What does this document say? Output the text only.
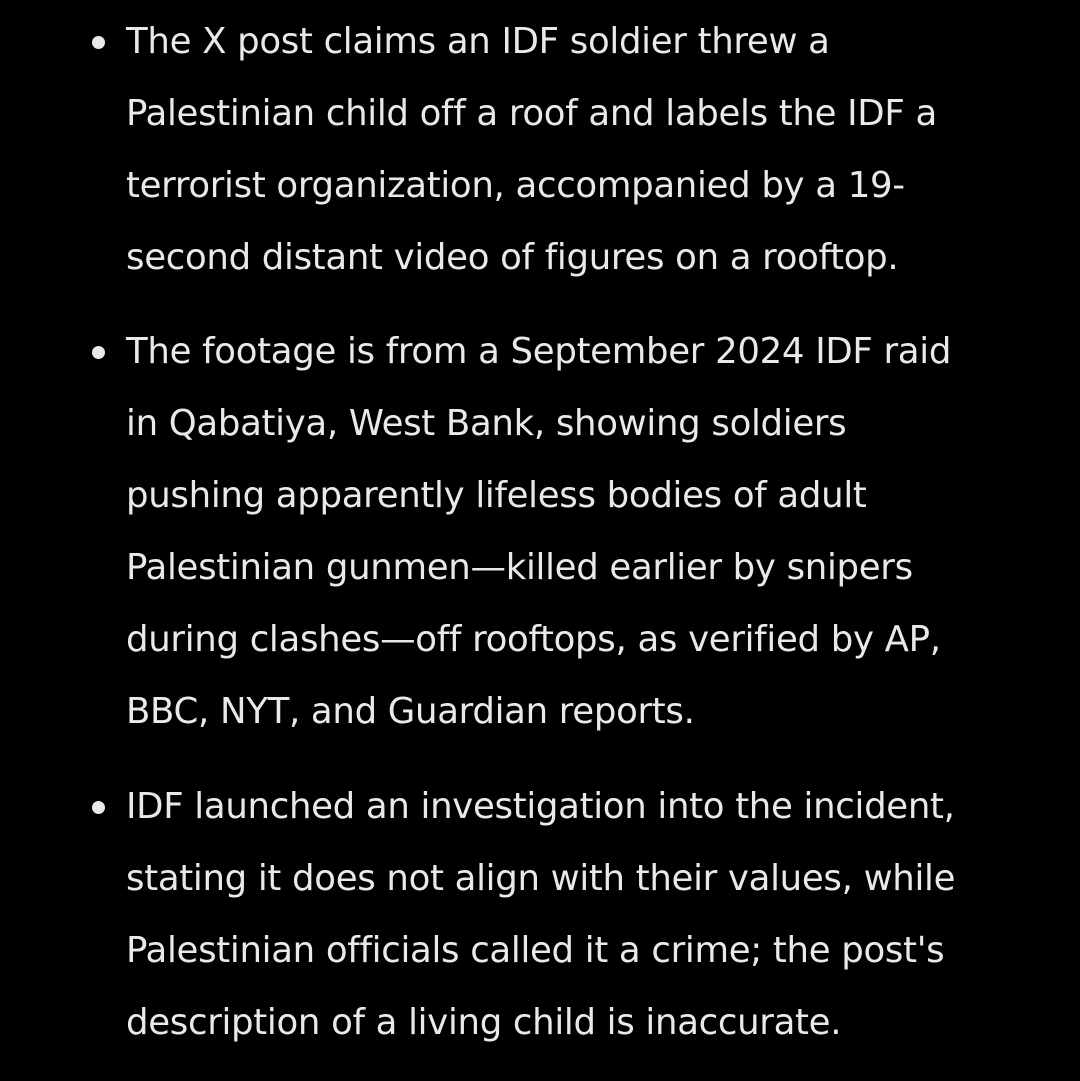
The X post claims an IDF soldier threw a
Palestinian child off a roof and labels the IDF a
terrorist organization, accompanied by a 19-
second distant video of figures on a rooftop.
The footage is from a September 2024 IDF raid
in Qabatiya, West Bank, showing soldiers
pushing apparently lifeless bodies of adult
Palestinian gunmen—killed earlier by snipers
during clashes—off rooftops, as verified by AP,
BBC, NYT, and Guardian reports.
IDF launched an investigation into the incident,
stating it does not align with their values, while
Palestinian officials called it a crime; the post's
description of a living child is inaccurate.
